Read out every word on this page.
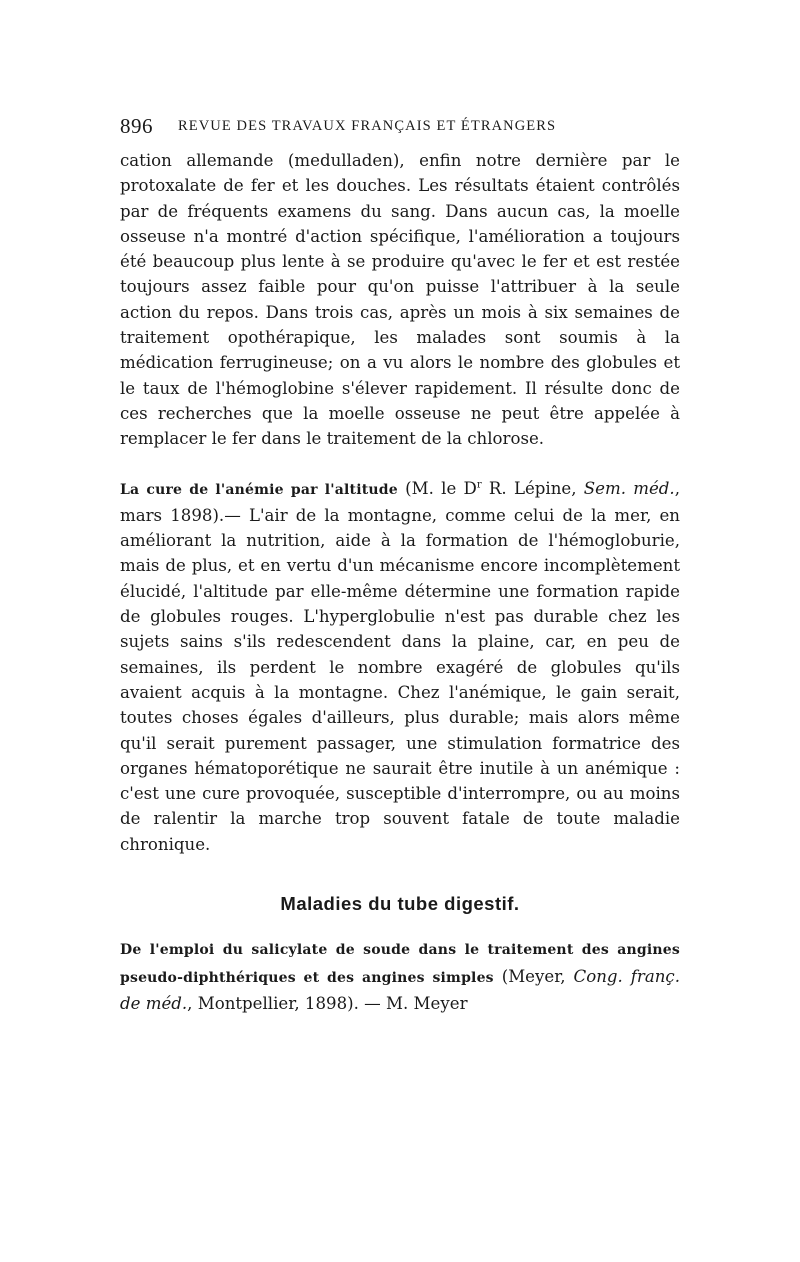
896 REVUE DES TRAVAUX FRANÇAIS ET ÉTRANGERS

cation allemande (medulladen), enfin notre dernière par le protoxalate de fer et les douches. Les résultats étaient contrôlés par de fréquents examens du sang. Dans aucun cas, la moelle osseuse n'a montré d'action spécifique, l'amélioration a toujours été beaucoup plus lente à se produire qu'avec le fer et est restée toujours assez faible pour qu'on puisse l'attribuer à la seule action du repos. Dans trois cas, après un mois à six semaines de traitement opothérapique, les malades sont soumis à la médication ferrugineuse; on a vu alors le nombre des globules et le taux de l'hémoglobine s'élever rapidement. Il résulte donc de ces recherches que la moelle osseuse ne peut être appelée à remplacer le fer dans le traitement de la chlorose.

La cure de l'anémie par l'altitude (M. le $D^r$ R. Lépine, Sem. méd., mars 1898).— L'air de la montagne, comme celui de la mer, en améliorant la nutrition, aide à la formation de l'hémogloburie, mais de plus, et en vertu d'un mécanisme encore incomplètement élucidé, l'altitude par elle-même détermine une formation rapide de globules rouges. L'hyperglobulie n'est pas durable chez les sujets sains s'ils redescendent dans la plaine, car, en peu de semaines, ils perdent le nombre exagéré de globules qu'ils avaient acquis à la montagne. Chez l'anémique, le gain serait, toutes choses égales d'ailleurs, plus durable; mais alors même qu'il serait purement passager, une stimulation formatrice des organes hématoporétique ne saurait être inutile à un anémique : c'est une cure provoquée, susceptible d'interrompre, ou au moins de ralentir la marche trop souvent fatale de toute maladie chronique.

Maladies du tube digestif.

De l'emploi du salicylate de soude dans le traitement des angines pseudo-diphthériques et des angines simples (Meyer, Cong. franç. de méd., Montpellier, 1898). — M. Meyer
